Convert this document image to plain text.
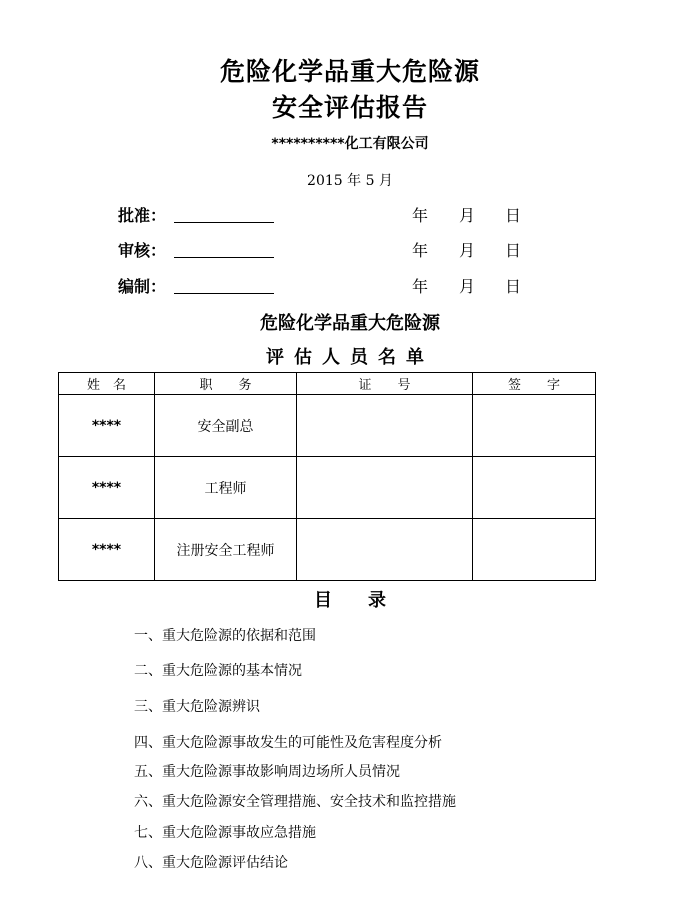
危险化学品重大危险源
安全评估报告
**********化工有限公司
2015 年 5 月
批准：	年 月 日
审核：	年 月 日
编制：	年 月 日
危险化学品重大危险源
评估人员名单
姓　名	职　　务	证　　号	签　　字
****	安全副总		
****	工程师		
****	注册安全工程师		
目　　录
一、重大危险源的依据和范围
二、重大危险源的基本情况
三、重大危险源辨识
四、重大危险源事故发生的可能性及危害程度分析
五、重大危险源事故影响周边场所人员情况
六、重大危险源安全管理措施、安全技术和监控措施
七、重大危险源事故应急措施
八、重大危险源评估结论
